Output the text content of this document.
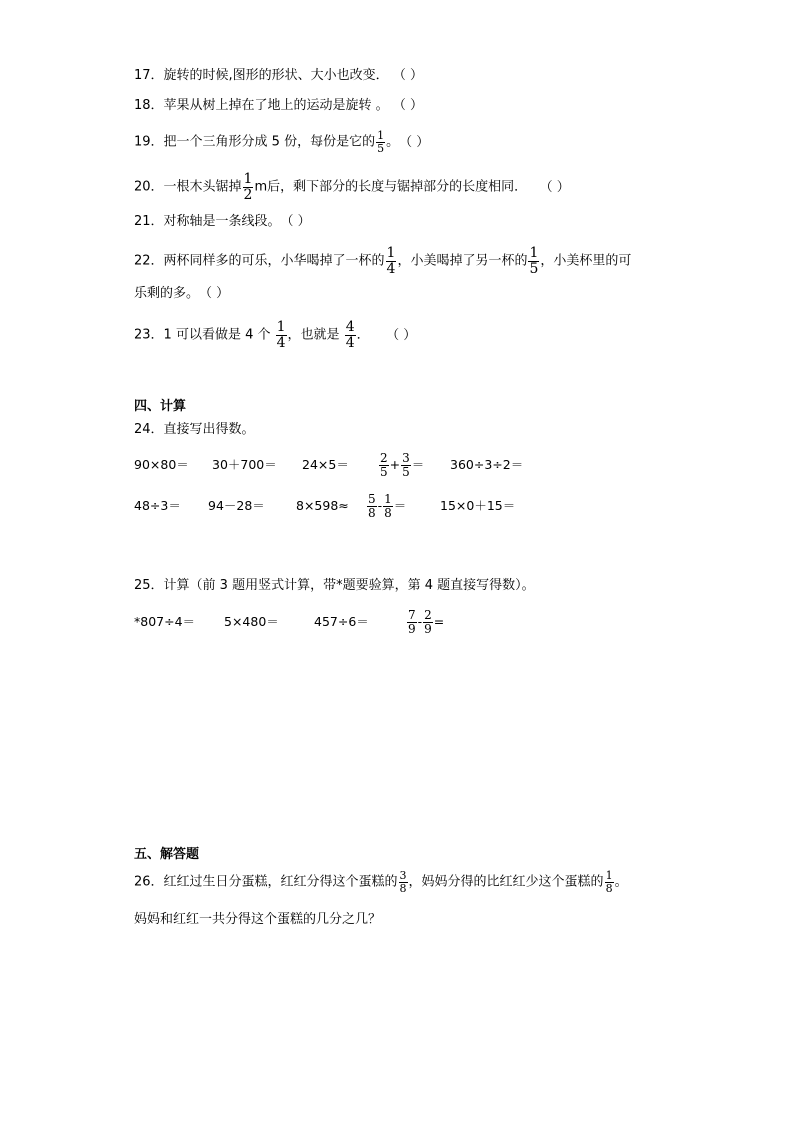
17．旋转的时候,图形的形状、大小也改变． （ ）
18．苹果从树上掉在了地上的运动是旋转 。 （ ）
19．把一个三角形分成 5 份，每份是它的 $\frac{1}{5}$ 。（ ）
20．一根木头锯掉 $\frac{1}{2}$ m后，剩下部分的长度与锯掉部分的长度相同． （ ）
21．对称轴是一条线段。（ ）
22．两杯同样多的可乐，小华喝掉了一杯的 $\frac{1}{4}$ ，小美喝掉了另一杯的 $\frac{1}{5}$ ，小美杯里的可
乐剩的多。（ ）
23．1 可以看做是 4 个 $\frac{1}{4}$ ，也就是 $\frac{4}{4}$ ． （ ）
四、计算
24．直接写出得数。
90×80＝ 30＋700＝ 24×5＝	$\frac{2}{5} + \frac{3}{5} = 360\div 3\div 2=$
$48\div 3= 94-28= 8\times 598\approx \frac{5}{8} - \frac{1}{8}$ ＝	15×0＋15＝
25．计算（前 3 题用竖式计算，带*题要验算，第 4 题直接写得数）。
*807÷4＝ 5×480＝	457÷6＝	$\frac{7}{9} - \frac{2}{9}$ =
五、解答题
26．红红过生日分蛋糕，红红分得这个蛋糕的 $\frac{3}{8}$ ，妈妈分得的比红红少这个蛋糕的 $\frac{1}{8}$ 。
妈妈和红红一共分得这个蛋糕的几分之几？
